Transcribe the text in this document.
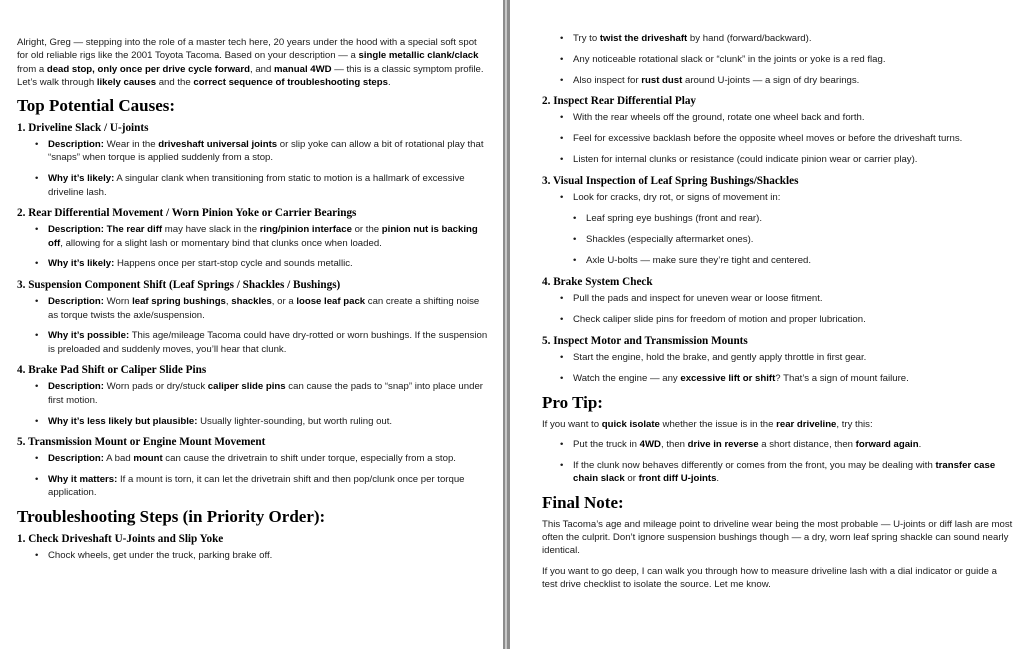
Alright, Greg — stepping into the role of a master tech here, 20 years under the hood with a special soft spot for old reliable rigs like the 2001 Toyota Tacoma. Based on your description — a single metallic clank/clack from a dead stop, only once per drive cycle forward, and manual 4WD — this is a classic symptom profile. Let’s walk through likely causes and the correct sequence of troubleshooting steps.

Top Potential Causes:
1. Driveline Slack / U-joints
• Description: Wear in the driveshaft universal joints or slip yoke can allow a bit of rotational play that “snaps” when torque is applied suddenly from a stop.
• Why it’s likely: A singular clank when transitioning from static to motion is a hallmark of excessive driveline lash.
2. Rear Differential Movement / Worn Pinion Yoke or Carrier Bearings
• Description: The rear diff may have slack in the ring/pinion interface or the pinion nut is backing off, allowing for a slight lash or momentary bind that clunks once when loaded.
• Why it’s likely: Happens once per start-stop cycle and sounds metallic.
3. Suspension Component Shift (Leaf Springs / Shackles / Bushings)
• Description: Worn leaf spring bushings, shackles, or a loose leaf pack can create a shifting noise as torque twists the axle/suspension.
• Why it’s possible: This age/mileage Tacoma could have dry-rotted or worn bushings. If the suspension is preloaded and suddenly moves, you’ll hear that clunk.
4. Brake Pad Shift or Caliper Slide Pins
• Description: Worn pads or dry/stuck caliper slide pins can cause the pads to “snap” into place under first motion.
• Why it’s less likely but plausible: Usually lighter-sounding, but worth ruling out.
5. Transmission Mount or Engine Mount Movement
• Description: A bad mount can cause the drivetrain to shift under torque, especially from a stop.
• Why it matters: If a mount is torn, it can let the drivetrain shift and then pop/clunk once per torque application.
Troubleshooting Steps (in Priority Order):
1. Check Driveshaft U-Joints and Slip Yoke
• Chock wheels, get under the truck, parking brake off.
• Try to twist the driveshaft by hand (forward/backward).
• Any noticeable rotational slack or “clunk” in the joints or yoke is a red flag.
• Also inspect for rust dust around U-joints — a sign of dry bearings.
2. Inspect Rear Differential Play
• With the rear wheels off the ground, rotate one wheel back and forth.
• Feel for excessive backlash before the opposite wheel moves or before the driveshaft turns.
• Listen for internal clunks or resistance (could indicate pinion wear or carrier play).
3. Visual Inspection of Leaf Spring Bushings/Shackles
• Look for cracks, dry rot, or signs of movement in:
• Leaf spring eye bushings (front and rear).
• Shackles (especially aftermarket ones).
• Axle U-bolts — make sure they’re tight and centered.
4. Brake System Check
• Pull the pads and inspect for uneven wear or loose fitment.
• Check caliper slide pins for freedom of motion and proper lubrication.
5. Inspect Motor and Transmission Mounts
• Start the engine, hold the brake, and gently apply throttle in first gear.
• Watch the engine — any excessive lift or shift? That’s a sign of mount failure.
Pro Tip:

If you want to quick isolate whether the issue is in the rear driveline, try this:

• Put the truck in 4WD, then drive in reverse a short distance, then forward again.
• If the clunk now behaves differently or comes from the front, you may be dealing with transfer case chain slack or front diff U-joints.
Final Note:

This Tacoma’s age and mileage point to driveline wear being the most probable — U-joints or diff lash are most often the culprit. Don’t ignore suspension bushings though — a dry, worn leaf spring shackle can sound nearly identical.

If you want to go deep, I can walk you through how to measure driveline lash with a dial indicator or guide a test drive checklist to isolate the source. Let me know.
